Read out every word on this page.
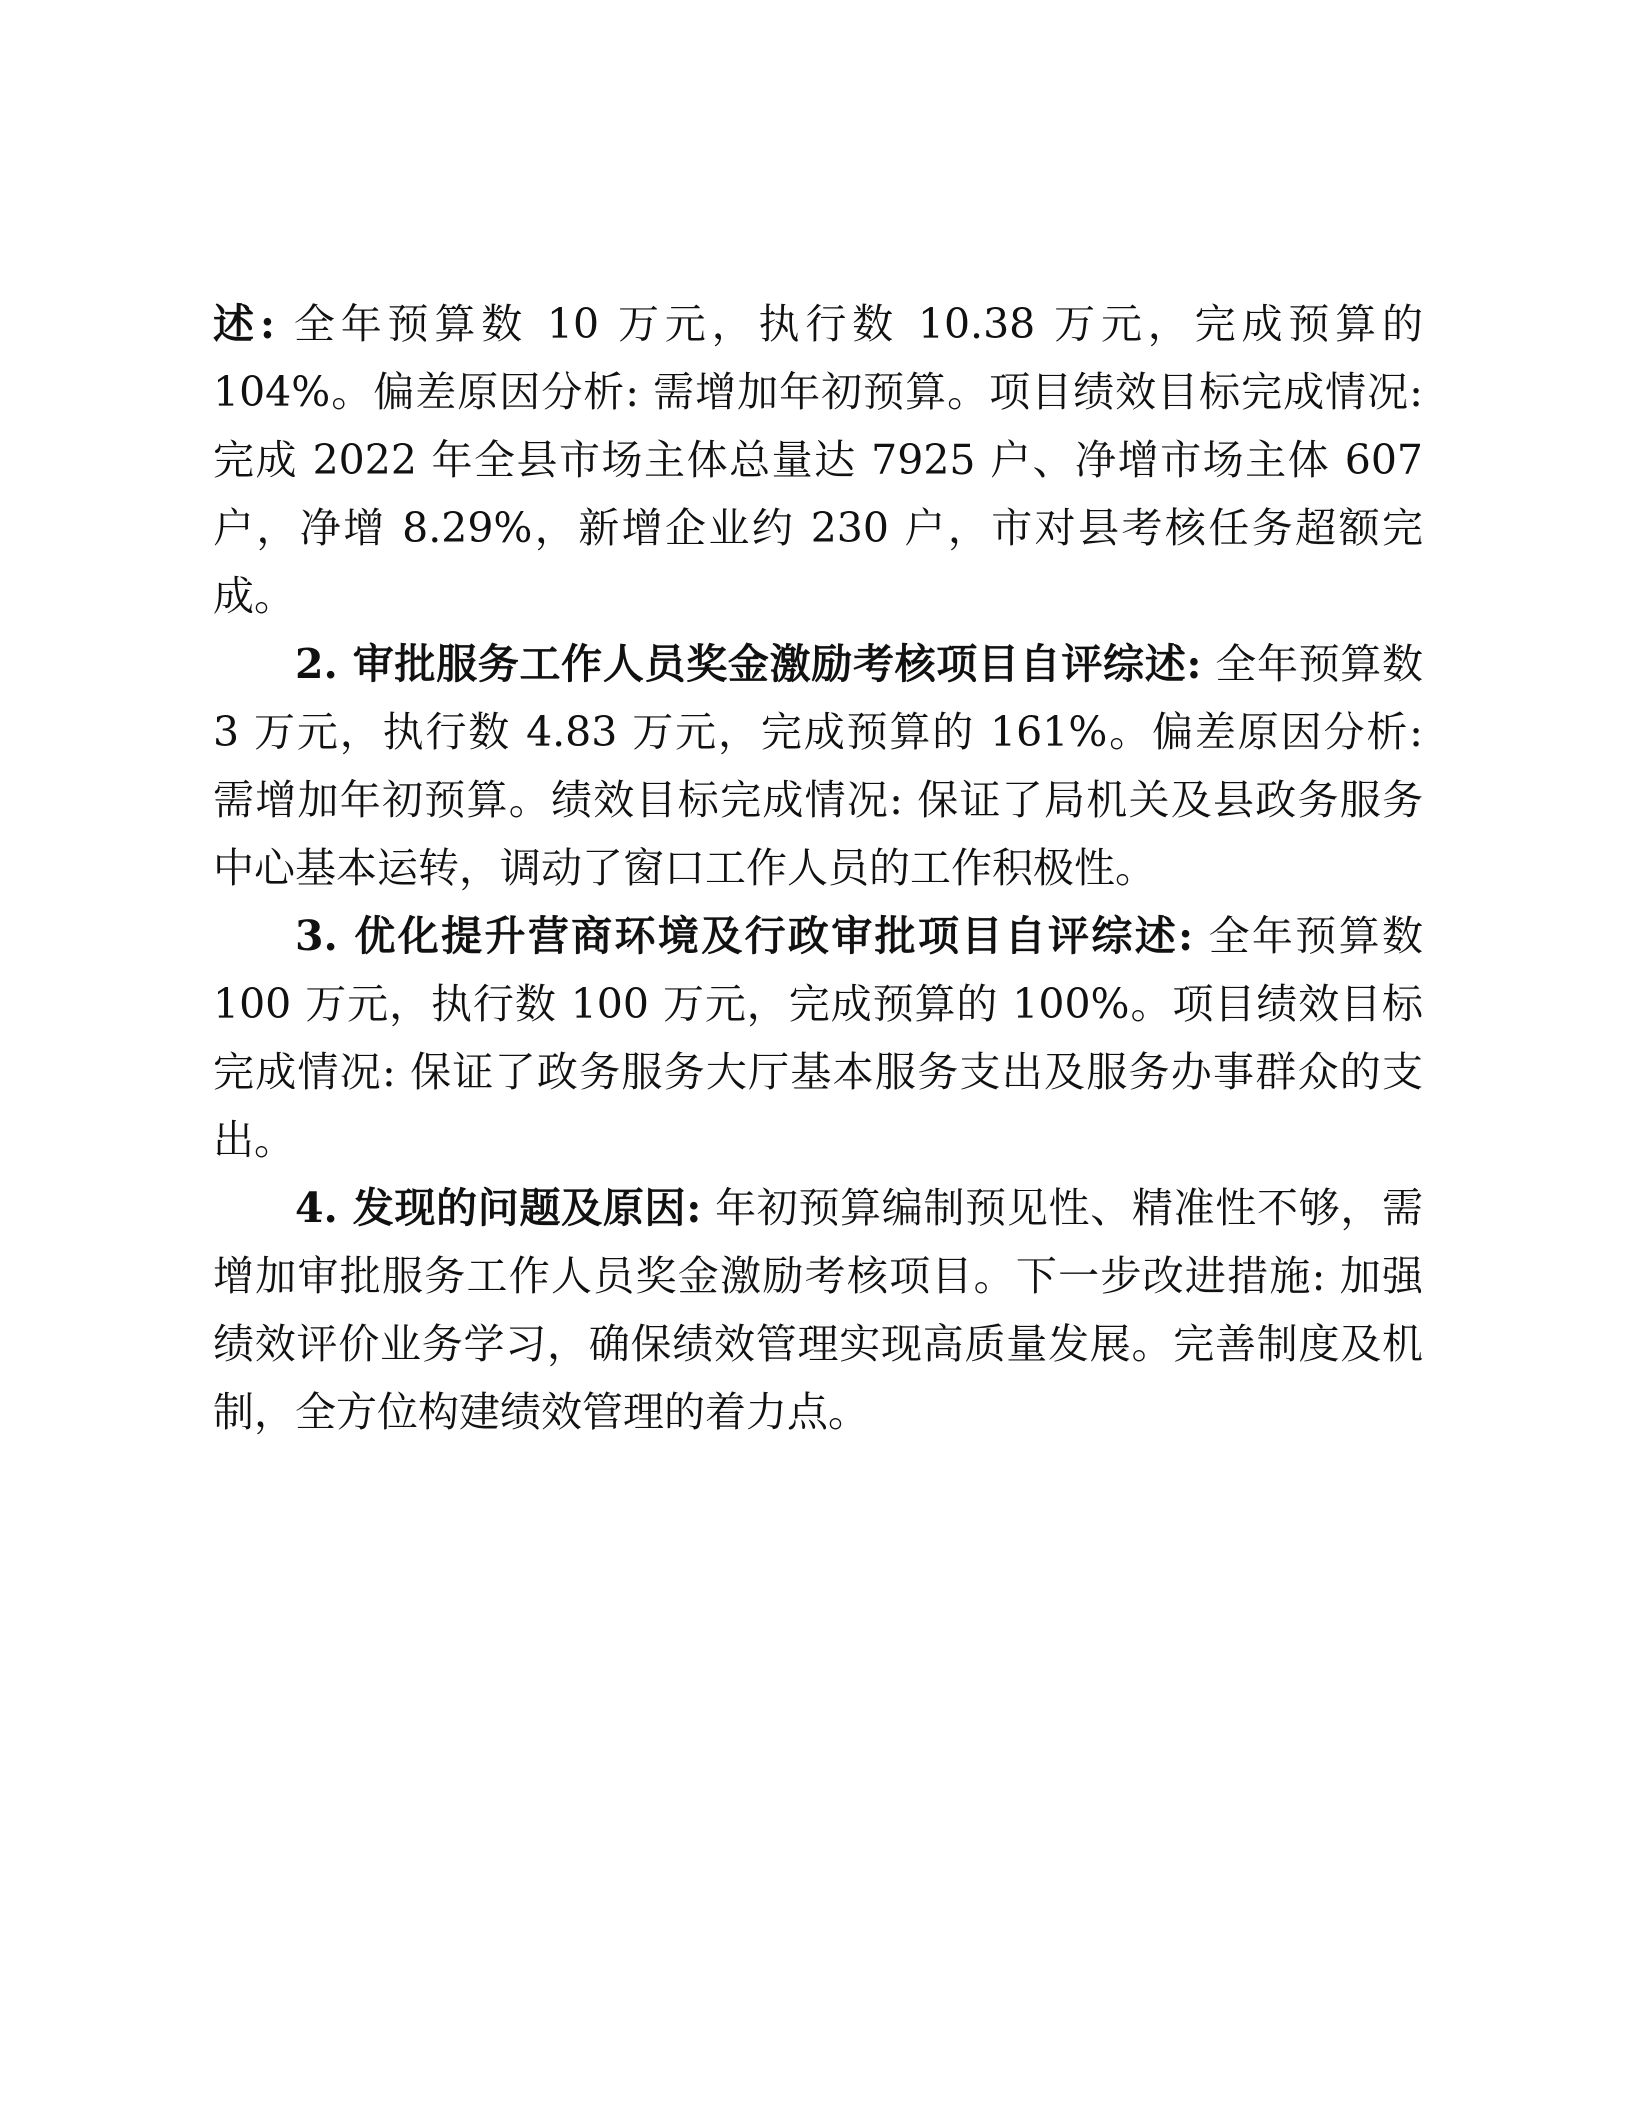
述: 全年预算数 10 万元，执行数 10.38 万元，完成预算的 104%。偏差原因分析: 需增加年初预算。项目绩效目标完成情况: 完成 2022 年全县市场主体总量达 7925 户、净增市场主体 607 户，净增 8.29%，新增企业约 230 户，市对县考核任务超额完成。

2. 审批服务工作人员奖金激励考核项目自评综述: 全年预算数 3 万元，执行数 4.83 万元，完成预算的 161%。偏差原因分析: 需增加年初预算。绩效目标完成情况: 保证了局机关及县政务服务中心基本运转，调动了窗口工作人员的工作积极性。

3. 优化提升营商环境及行政审批项目自评综述: 全年预算数 100 万元，执行数 100 万元，完成预算的 100%。项目绩效目标完成情况: 保证了政务服务大厅基本服务支出及服务办事群众的支出。

4. 发现的问题及原因: 年初预算编制预见性、精准性不够，需增加审批服务工作人员奖金激励考核项目。下一步改进措施: 加强绩效评价业务学习，确保绩效管理实现高质量发展。完善制度及机制，全方位构建绩效管理的着力点。
